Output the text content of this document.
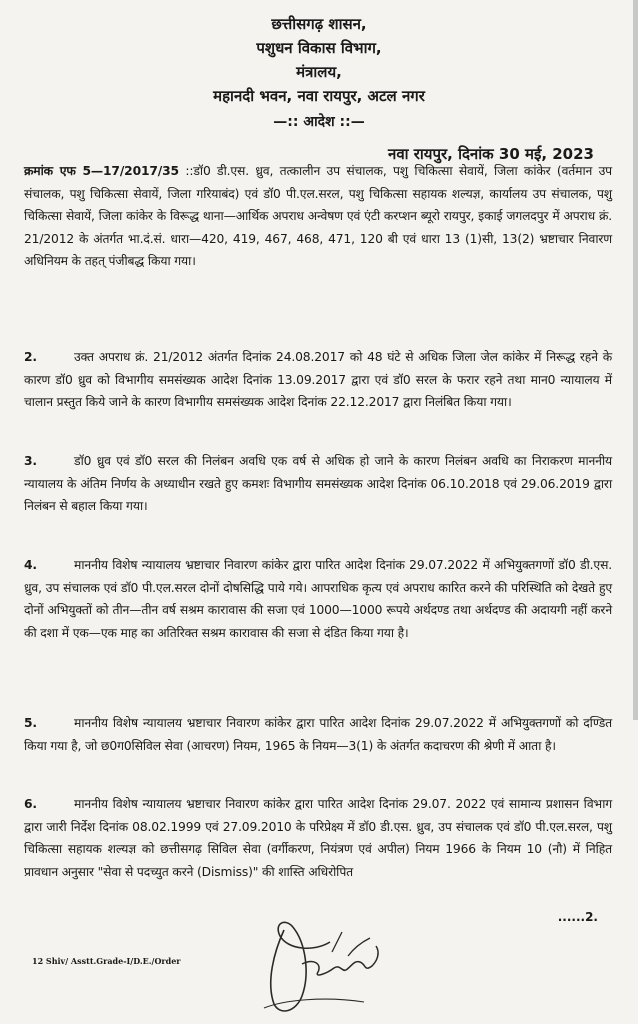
छत्तीसगढ़ शासन,
पशुधन विकास विभाग,
मंत्रालय,
महानदी भवन, नवा रायपुर, अटल नगर
—:: आदेश ::—
नवा रायपुर, दिनांक 30 मई, 2023
क्रमांक एफ 5—17/2017/35 ::डॉ0 डी.एस. ध्रुव, तत्कालीन उप संचालक, पशु चिकित्सा सेवायें, जिला कांकेर (वर्तमान उप संचालक, पशु चिकित्सा सेवायें, जिला गरियाबंद) एवं डॉ0 पी.एल.सरल, पशु चिकित्सा सहायक शल्यज्ञ, कार्यालय उप संचालक, पशु चिकित्सा सेवायें, जिला कांकेर के विरूद्ध थाना—आर्थिक अपराध अन्वेषण एवं एंटी करप्शन ब्यूरो रायपुर, इकाई जगलदपुर में अपराध क्रं. 21/2012 के अंतर्गत भा.दं.सं. धारा—420, 419, 467, 468, 471, 120 बी एवं धारा 13 (1)सी, 13(2) भ्रष्टाचार निवारण अधिनियम के तहत् पंजीबद्ध किया गया।
2.	उक्त अपराध क्रं. 21/2012 अंतर्गत दिनांक 24.08.2017 को 48 घंटे से अधिक जिला जेल कांकेर में निरूद्ध रहने के कारण डॉ0 ध्रुव को विभागीय समसंख्यक आदेश दिनांक 13.09.2017 द्वारा एवं डॉ0 सरल के फरार रहने तथा मान0 न्यायालय में चालान प्रस्तुत किये जाने के कारण विभागीय समसंख्यक आदेश दिनांक 22.12.2017 द्वारा निलंबित किया गया।
3.	डॉ0 ध्रुव एवं डॉ0 सरल की निलंबन अवधि एक वर्ष से अधिक हो जाने के कारण निलंबन अवधि का निराकरण माननीय न्यायालय के अंतिम निर्णय के अध्याधीन रखते हुए कमशः विभागीय समसंख्यक आदेश दिनांक 06.10.2018 एवं 29.06.2019 द्वारा निलंबन से बहाल किया गया।
4.	माननीय विशेष न्यायालय भ्रष्टाचार निवारण कांकेर द्वारा पारित आदेश दिनांक 29.07.2022 में अभियुक्तगणों डॉ0 डी.एस. ध्रुव, उप संचालक एवं डॉ0 पी.एल.सरल दोनों दोषसिद्धि पाये गये। आपराधिक कृत्य एवं अपराध कारित करने की परिस्थिति को देखते हुए दोनों अभियुक्तों को तीन—तीन वर्ष सश्रम कारावास की सजा एवं 1000—1000 रूपये अर्थदण्ड तथा अर्थदण्ड की अदायगी नहीं करने की दशा में एक—एक माह का अतिरिक्त सश्रम कारावास की सजा से दंडित किया गया है।
5.	माननीय विशेष न्यायालय भ्रष्टाचार निवारण कांकेर द्वारा पारित आदेश दिनांक 29.07.2022 में अभियुक्तगणों को दण्डित किया गया है, जो छ0ग0सिविल सेवा (आचरण) नियम, 1965 के नियम—3(1) के अंतर्गत कदाचरण की श्रेणी में आता है।
6.	माननीय विशेष न्यायालय भ्रष्टाचार निवारण कांकेर द्वारा पारित आदेश दिनांक 29.07. 2022 एवं सामान्य प्रशासन विभाग द्वारा जारी निर्देश दिनांक 08.02.1999 एवं 27.09.2010 के परिप्रेक्ष्य में डॉ0 डी.एस. ध्रुव, उप संचालक एवं डॉ0 पी.एल.सरल, पशु चिकित्सा सहायक शल्यज्ञ को छत्तीसगढ़ सिविल सेवा (वर्गीकरण, नियंत्रण एवं अपील) नियम 1966 के नियम 10 (नौ) में निहित प्रावधान अनुसार "सेवा से पदच्युत करने (Dismiss)" की शास्ति अधिरोपित
......2.
12 Shiv/ Asstt.Grade-I/D.E./Order
